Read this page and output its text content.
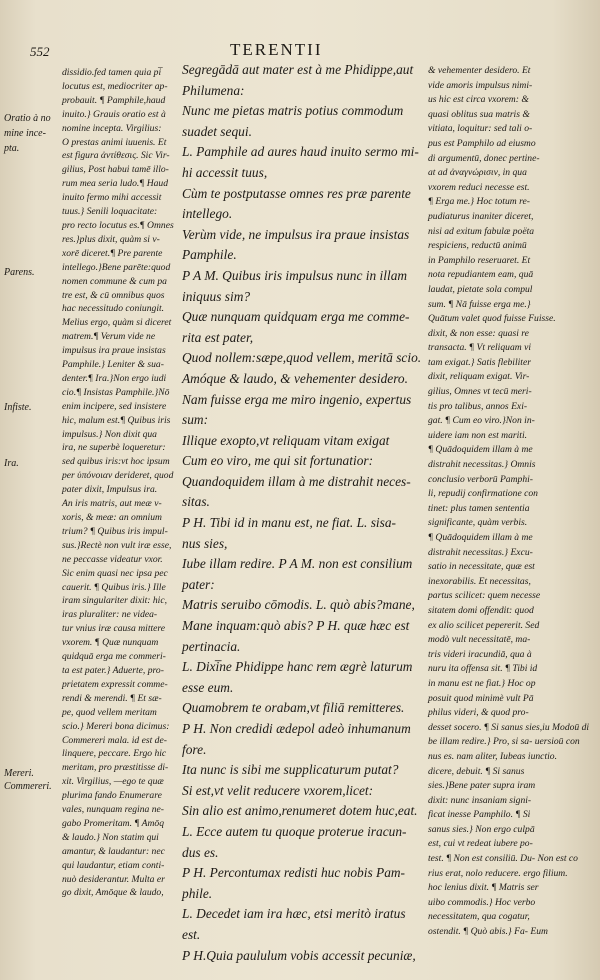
552	TERENTII
Oratio à no
mine ince-
pta.
Parens.
Infiste.
Ira.
Mereri.
Commereri.
dissidio.fed tamen quia pi̅
locutus est, mediocriter ap-
probauit. ¶ Pamphile,haud
inuito.} Grauis oratio est à
nomine incepta. Virgilius:
O prestas animi iuuenis. Et
est figura ἀντίθεσις. Sic Vir-
gilius, Post habui tamē illo-
rum mea seria ludo.¶ Haud
inuito fermo mihi accessit
tuus.} Senili loquacitate:
pro recto locutus es.¶ Omnes
res.}plus dixit, quàm si v-
xorē diceret.¶ Pre parente
intellego.}Bene parēte:quod
nomen commune & cum pa
tre est, & cū omnibus quos
hac necessitudo coniungit.
Melius ergo, quàm si diceret
matrem.¶ Verum vide ne
impulsus ira praue insistas
Pamphile.} Leniter & sua-
denter.¶ Ira.}Non ergo iudi
cio.¶ Insistas Pamphile.}Nō
enim incipere, sed insistere
hic, malum est.¶ Quibus iris
impulsus.} Non dixit qua
ira, ne superbè loqueretur:
sed quibus iris:vt hoc ipsum
per ὑπόνοιαν derideret, quod
pater dixit, Impulsus ira.
An iris matris, aut meæ v-
xoris, & meæ: an omnium
trium? ¶ Quibus iris impul-
sus.}Rectè non vult iræ esse,
ne peccasse videatur vxor.
Sic enim quasi nec ipsa pec
cauerit. ¶ Quibus iris.} Ille
iram singulariter dixit: hic,
iras pluraliter: ne videa-
tur vnius iræ causa mittere
vxorem. ¶ Quæ nunquam
quidquā erga me commeri-
ta est pater.} Aduerte, pro-
prietatem expressit comme-
rendi & merendi. ¶ Et sæ-
pe, quod vellem meritam
scio.} Mereri bona dicimus:
Commereri mala. id est de-
linquere, peccare. Ergo hic
meritam, pro præstitisse di-
xit. Virgilius, —ego te quæ
plurima fando Enumerare
vales, nunquam regina ne-
gabo Promeritam. ¶ Amōq
& laudo.} Non statim qui
amantur, & laudantur: nec
qui laudantur, etiam conti-
nuò desiderantur. Multa er
go dixit, Amōque & laudo,
Segregādā aut mater est à me Phidippe,aut
Philumena:
Nunc me pietas matris potius commodum
suadet sequi.
L. Pamphile ad aures haud inuito sermo mi-
hi accessit tuus,
Cùm te postputasse omnes res præ parente
intellego.
Verùm vide, ne impulsus ira praue insistas
Pamphile.
P A M. Quibus iris impulsus nunc in illam
iniquus sim?
Quæ nunquam quidquam erga me comme-
rita est pater,
Quod nollem:sæpe,quod vellem, meritā scio.
Amóque & laudo, & vehementer desidero.
Nam fuisse erga me miro ingenio, expertus
sum:
Illique exopto,vt reliquam vitam exigat
Cum eo viro, me qui sit fortunatior:
Quandoquidem illam à me distrahit neces-
sitas.
P H. Tibi id in manu est, ne fiat. L. sisa-
nus sies,
Iube illam redire. P A M. non est consilium
pater:
Matris seruibo cōmodis. L. quò abis?mane,
Mane inquam:quò abis? P H. quæ hæc est
pertinacia.
L. Dixi̅ne Phidippe hanc rem ægrè laturum
esse eum.
Quamobrem te orabam,vt filiā remitteres.
P H. Non credidi ædepol adeò inhumanum
fore.
Ita nunc is sibi me supplicaturum putat?
Si est,vt velit reducere vxorem,licet:
Sin alio est animo,renumeret dotem huc,eat.
L. Ecce autem tu quoque proterue iracun-
dus es.
P H. Percontumax redisti huc nobis Pam-
phile.
L. Decedet iam ira hæc, etsi meritò iratus
est.
P H.Quia paululum vobis accessit pecuniæ,
& vehementer desidero. Et
vide amoris impulsus nimi-
us hic est circa vxorem: &
quasi oblitus sua matris &
vitiata, loquitur: sed tali o-
pus est Pamphilo ad eiusmo
di argumentū, donec pertine-
at ad ἀναγνώρισιν, in qua
vxorem reduci necesse est.
¶ Erga me.} Hoc totum re-
pudiaturus inaniter diceret,
nisi ad exitum fabulæ poëta
respiciens, reductū animū
in Pamphilo reseruaret. Et
nota repudiantem eam, quā
laudat, pietate sola compul
sum. ¶ Nā fuisse erga me.}
Quātum valet quod fuisse Fuisse.
dixit, & non esse: quasi re
transacta. ¶ Vt reliquam vi
tam exigat.} Satis flebiliter
dixit, reliquam exigat. Vir-
gilius, Omnes vt tecū meri-
tis pro talibus, annos Exi-
gat. ¶ Cum eo viro.}Non in-
uidere iam non est mariti.
¶ Quādoquidem illam à me
distrahit necessitas.} Omnis
conclusio verborū Pamphi-
li, repudij confirmatione con
tinet: plus tamen sententia
significante, quàm verbis.
¶ Quādoquidem illam à me
distrahit necessitas.} Excu-
satio in necessitate, quæ est
inexorabilis. Et necessitas,
partus scilicet: quem necesse
sitatem domi offendit: quod
ex alio scilicet pepererit. Sed
modò vult necessitatē, ma-
tris videri iracundiā, qua à
nuru ita offensa sit. ¶ Tibi id
in manu est ne fiat.} Hoc op
posuit quod minimè vult Pā
philus videri, & quod pro-
desset socero. ¶ Si sanus sies,iu Modoū di
be illam redire.} Pro, si sa- uersioū con
nus es. nam aliter, Iubeas iunctio.
dicere, debuit. ¶ Si sanus
sies.}Bene pater supra iram
dixit: nunc insaniam signi-
ficat inesse Pamphilo. ¶ Si
sanus sies.} Non ergo culpā
est, cui vt redeat iubere po-
test. ¶ Non est consiliū. Du- Non est co
rius erat, nolo reducere. ergo filium.
hoc lenius dixit. ¶ Matris ser
uibo commodis.} Hoc verbo
necessitatem, qua cogatur,
ostendit. ¶ Quò abis.} Fa- Eum
